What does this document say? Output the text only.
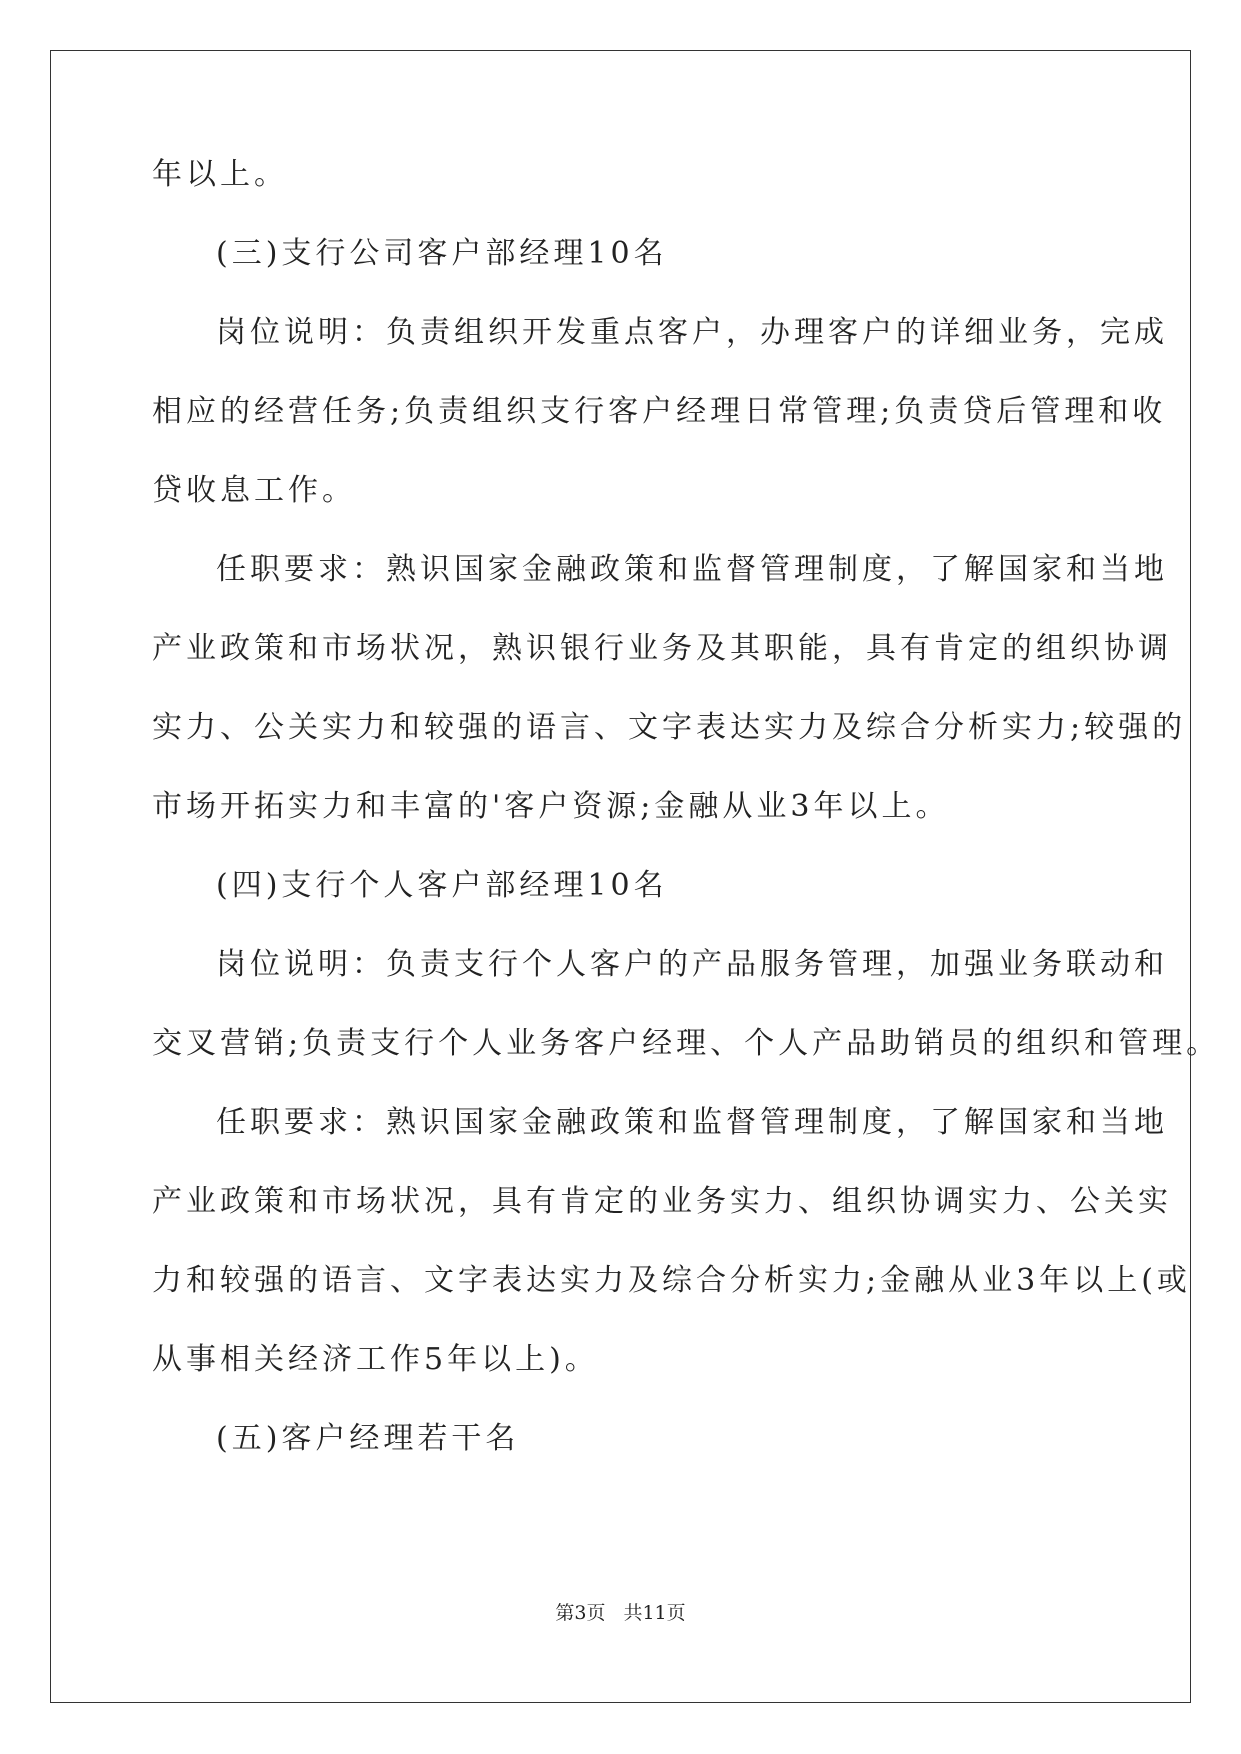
年以上。
(三)支行公司客户部经理10名
岗位说明：负责组织开发重点客户，办理客户的详细业务，完成
相应的经营任务;负责组织支行客户经理日常管理;负责贷后管理和收
贷收息工作。
任职要求：熟识国家金融政策和监督管理制度，了解国家和当地
产业政策和市场状况，熟识银行业务及其职能，具有肯定的组织协调
实力、公关实力和较强的语言、文字表达实力及综合分析实力;较强的
市场开拓实力和丰富的'客户资源;金融从业3年以上。
(四)支行个人客户部经理10名
岗位说明：负责支行个人客户的产品服务管理，加强业务联动和
交叉营销;负责支行个人业务客户经理、个人产品助销员的组织和管理。
任职要求：熟识国家金融政策和监督管理制度，了解国家和当地
产业政策和市场状况，具有肯定的业务实力、组织协调实力、公关实
力和较强的语言、文字表达实力及综合分析实力;金融从业3年以上(或
从事相关经济工作5年以上)。
(五)客户经理若干名
第3页 共11页
